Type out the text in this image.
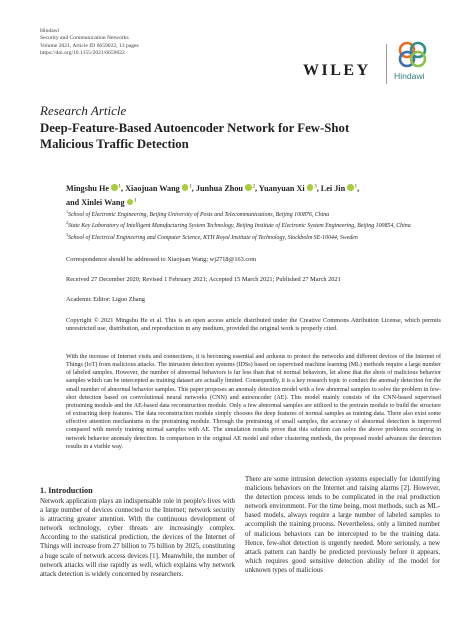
Hindawi
Security and Communication Networks
Volume 2021, Article ID 6659022, 13 pages
https://doi.org/10.1155/2021/6659022
WILEY	Hindawi
Research Article
Deep-Feature-Based Autoencoder Network for Few-Shot Malicious Traffic Detection
Mingshu He $^1$, Xiaojuan Wang $^1$, Junhua Zhou $^2$, Yuanyuan Xi $^3$, Lei Jin $^1$,
and Xinlei Wang $^1$
$^1$School of Electronic Engineering, Beijing University of Posts and Telecommunications, Beijing 100876, China
$^2$State Key Laboratory of Intelligent Manufacturing System Technology, Beijing Institute of Electronic System Engineering, Beijing 100854, China
$^3$School of Electrical Engineering and Computer Science, KTH Royal Institute of Technology, Stockholm SE-10044, Sweden
Correspondence should be addressed to Xiaojuan Wang; wj2718@163.com
Received 27 December 2020; Revised 1 February 2021; Accepted 15 March 2021; Published 27 March 2021
Academic Editor: Liguo Zhang
Copyright © 2021 Mingshu He et al. This is an open access article distributed under the Creative Commons Attribution License, which permits unrestricted use, distribution, and reproduction in any medium, provided the original work is properly cited.
With the increase of Internet visits and connections, it is becoming essential and arduous to protect the networks and different devices of the Internet of Things (IoT) from malicious attacks. The intrusion detection systems (IDSs) based on supervised machine learning (ML) methods require a large number of labeled samples. However, the number of abnormal behaviors is far less than that of normal behaviors, let alone that the shots of malicious behavior samples which can be intercepted as training dataset are actually limited. Consequently, it is a key research topic to conduct the anomaly detection for the small number of abnormal behavior samples. This paper proposes an anomaly detection model with a few abnormal samples to solve the problem in few-shot detection based on convolutional neural networks (CNN) and autoencoder (AE). This model mainly consists of the CNN-based supervised pretraining module and the AE-based data reconstruction module. Only a few abnormal samples are utilized to the pretrain module to build the structure of extracting deep features. The data reconstruction module simply chooses the deep features of normal samples as training data. There also exist some effective attention mechanisms in the pretraining module. Through the pretraining of small samples, the accuracy of abnormal detection is improved compared with merely training normal samples with AE. The simulation results prove that this solution can solve the above problems occurring in network behavior anomaly detection. In comparison to the original AE model and other clustering methods, the proposed model advances the detection results in a visible way.
1. Introduction
Network application plays an indispensable role in people's lives with a large number of devices connected to the Internet; network security is attracting greater attention. With the continuous development of network technology, cyber threats are increasingly complex. According to the statistical prediction, the devices of the Internet of Things will increase from 27 billion to 75 billion by 2025, constituting a huge scale of network access devices [1]. Meanwhile, the number of network attacks will rise rapidly as well, which explains why network attack detection is widely concerned by researchers.
There are some intrusion detection systems especially for identifying malicious behaviors on the Internet and raising alarms [2]. However, the detection process tends to be complicated in the real production network environment. For the time being, most methods, such as ML-based models, always require a large number of labeled samples to accomplish the training process. Nevertheless, only a limited number of malicious behaviors can be intercepted to be the training data. Hence, few-shot detection is urgently needed. More seriously, a new attack pattern can hardly be predicted previously before it appears, which requires good sensitive detection ability of the model for unknown types of malicious
